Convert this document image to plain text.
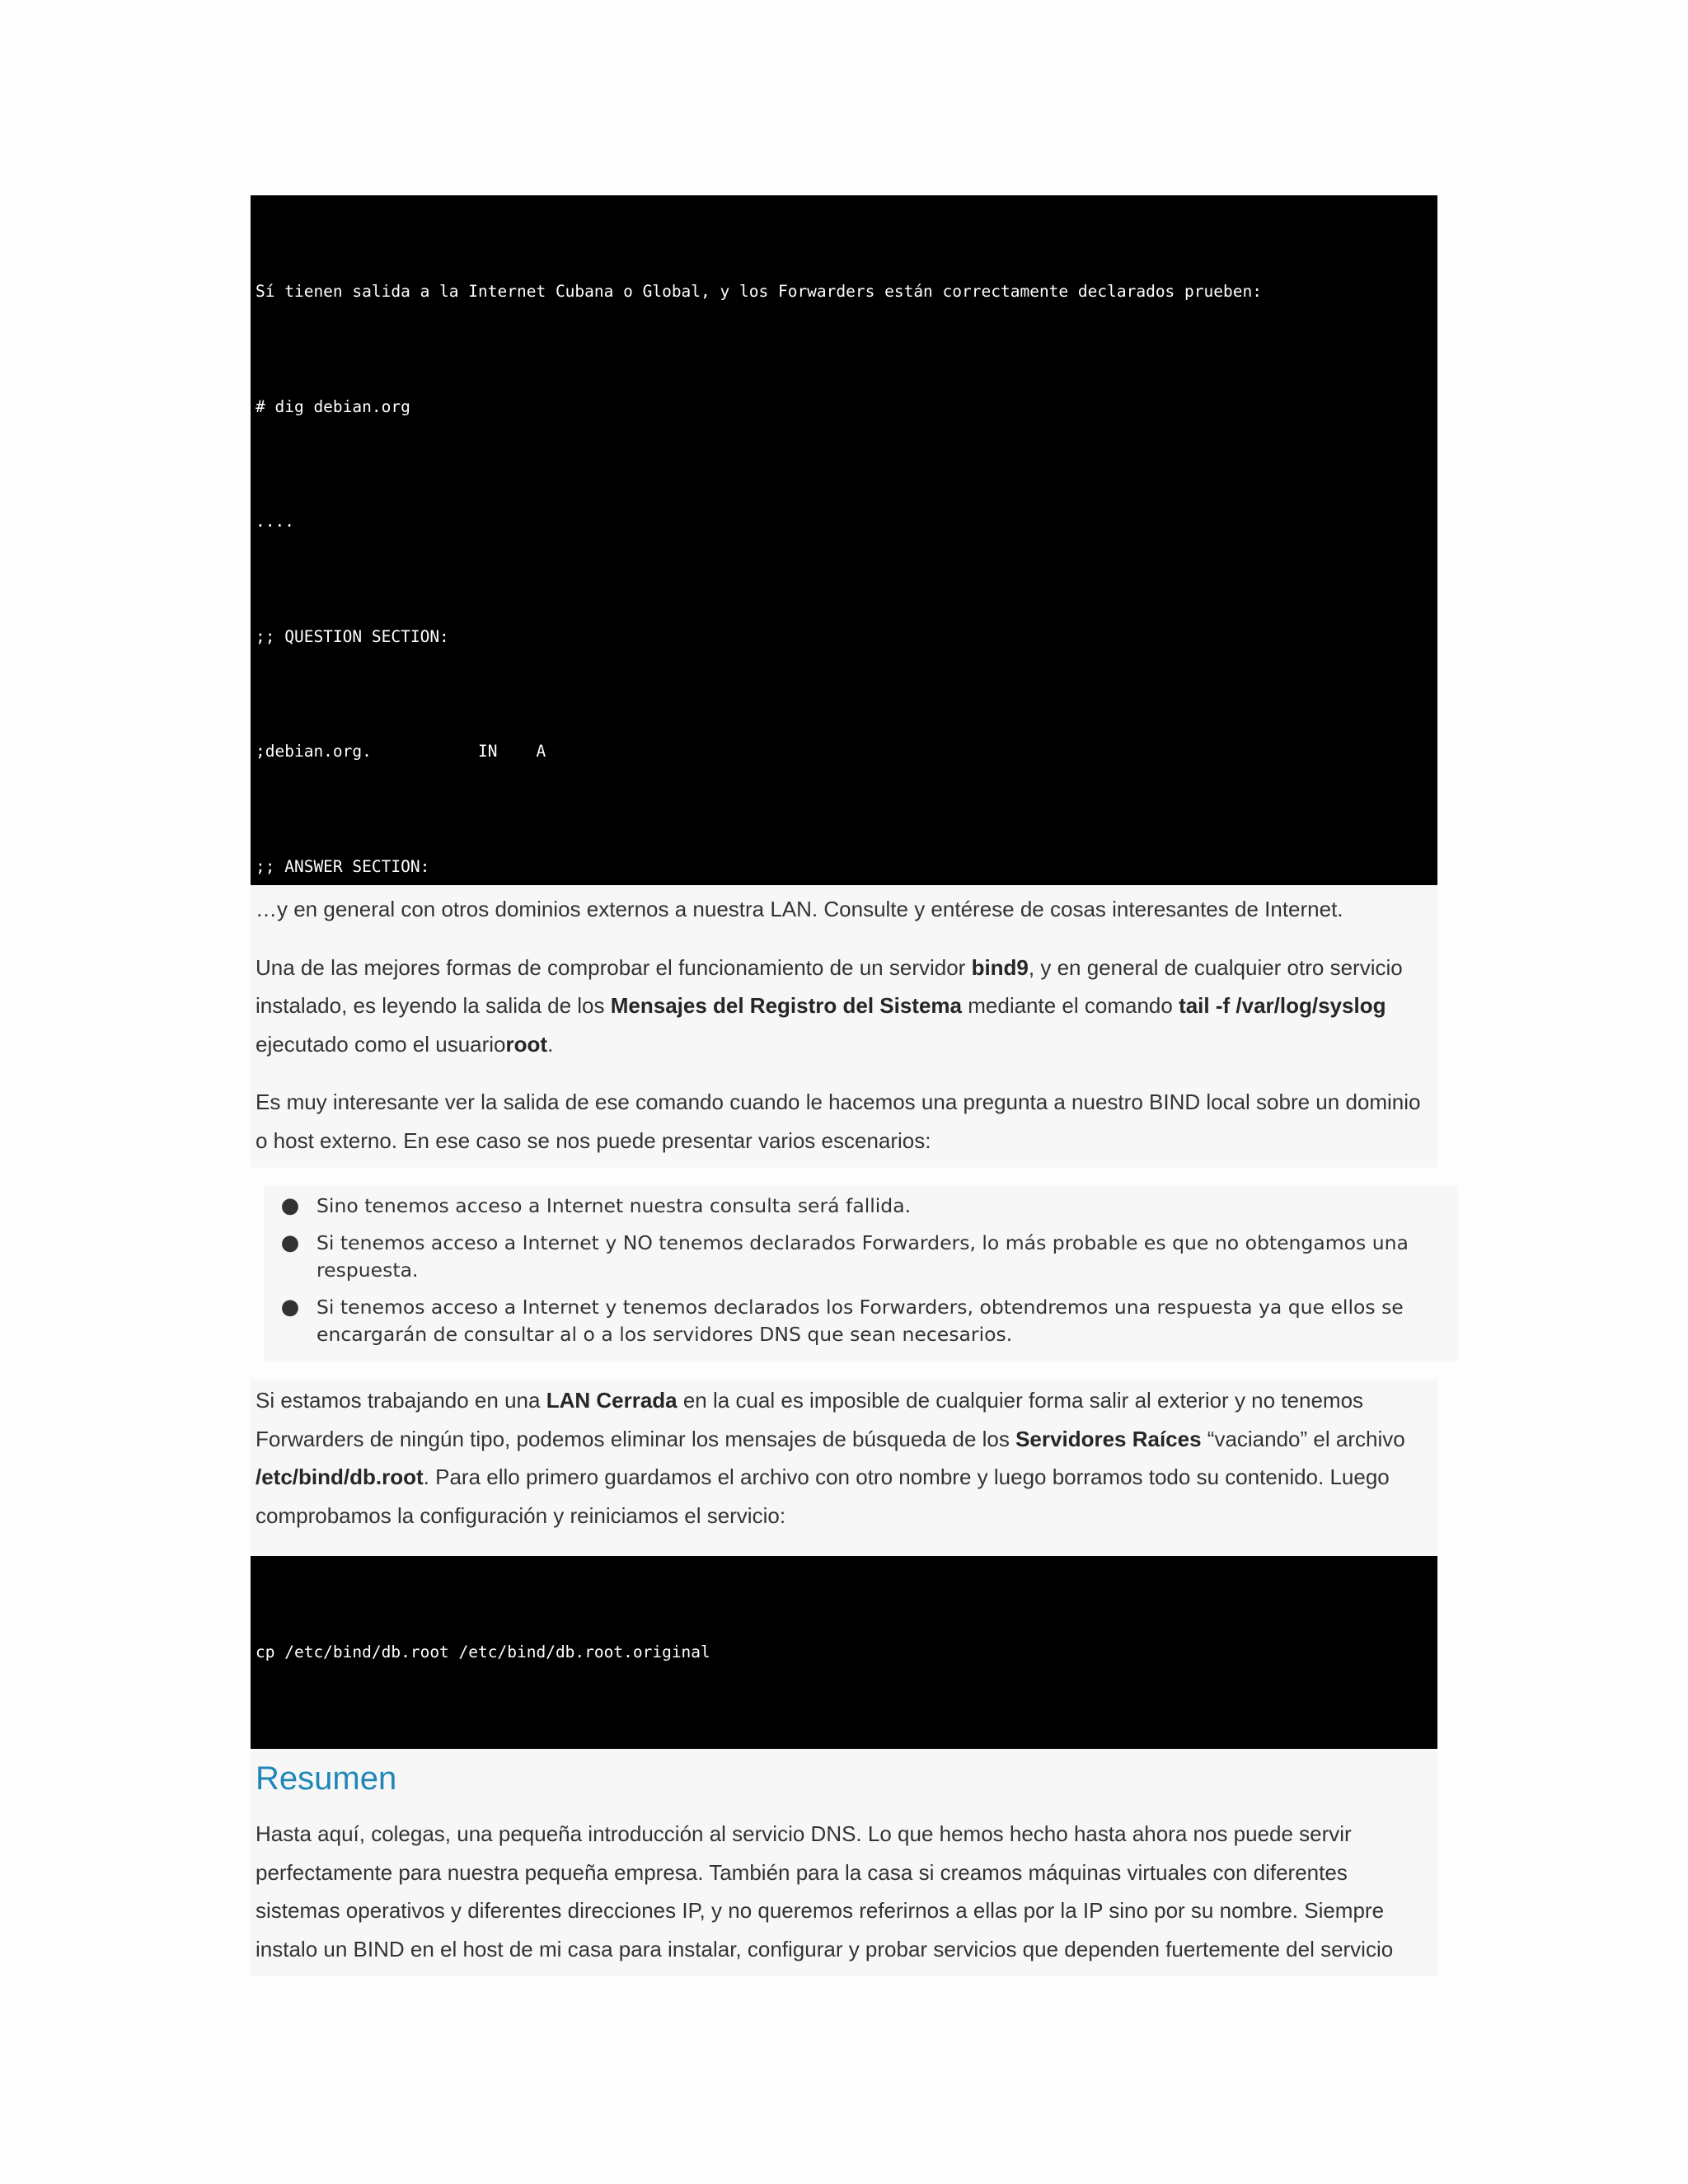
Sí tienen salida a la Internet Cubana o Global, y los Forwarders están correctamente declarados prueben:

# dig debian.org

....

;; QUESTION SECTION:

;debian.org.           IN    A

;; ANSWER SECTION:

…y en general con otros dominios externos a nuestra LAN. Consulte y entérese de cosas interesantes de Internet.

Una de las mejores formas de comprobar el funcionamiento de un servidor bind9, y en general de cualquier otro servicio instalado, es leyendo la salida de los Mensajes del Registro del Sistema mediante el comando tail -f /var/log/syslog ejecutado como el usuarioroot.

Es muy interesante ver la salida de ese comando cuando le hacemos una pregunta a nuestro BIND local sobre un dominio o host externo. En ese caso se nos puede presentar varios escenarios:

● Sino tenemos acceso a Internet nuestra consulta será fallida.
● Si tenemos acceso a Internet y NO tenemos declarados Forwarders, lo más probable es que no obtengamos una respuesta.
● Si tenemos acceso a Internet y tenemos declarados los Forwarders, obtendremos una respuesta ya que ellos se encargarán de consultar al o a los servidores DNS que sean necesarios.

Si estamos trabajando en una LAN Cerrada en la cual es imposible de cualquier forma salir al exterior y no tenemos Forwarders de ningún tipo, podemos eliminar los mensajes de búsqueda de los Servidores Raíces “vaciando” el archivo /etc/bind/db.root. Para ello primero guardamos el archivo con otro nombre y luego borramos todo su contenido. Luego comprobamos la configuración y reiniciamos el servicio:

cp /etc/bind/db.root /etc/bind/db.root.original

Resumen

Hasta aquí, colegas, una pequeña introducción al servicio DNS. Lo que hemos hecho hasta ahora nos puede servir perfectamente para nuestra pequeña empresa. También para la casa si creamos máquinas virtuales con diferentes sistemas operativos y diferentes direcciones IP, y no queremos referirnos a ellas por la IP sino por su nombre. Siempre instalo un BIND en el host de mi casa para instalar, configurar y probar servicios que dependen fuertemente del servicio
